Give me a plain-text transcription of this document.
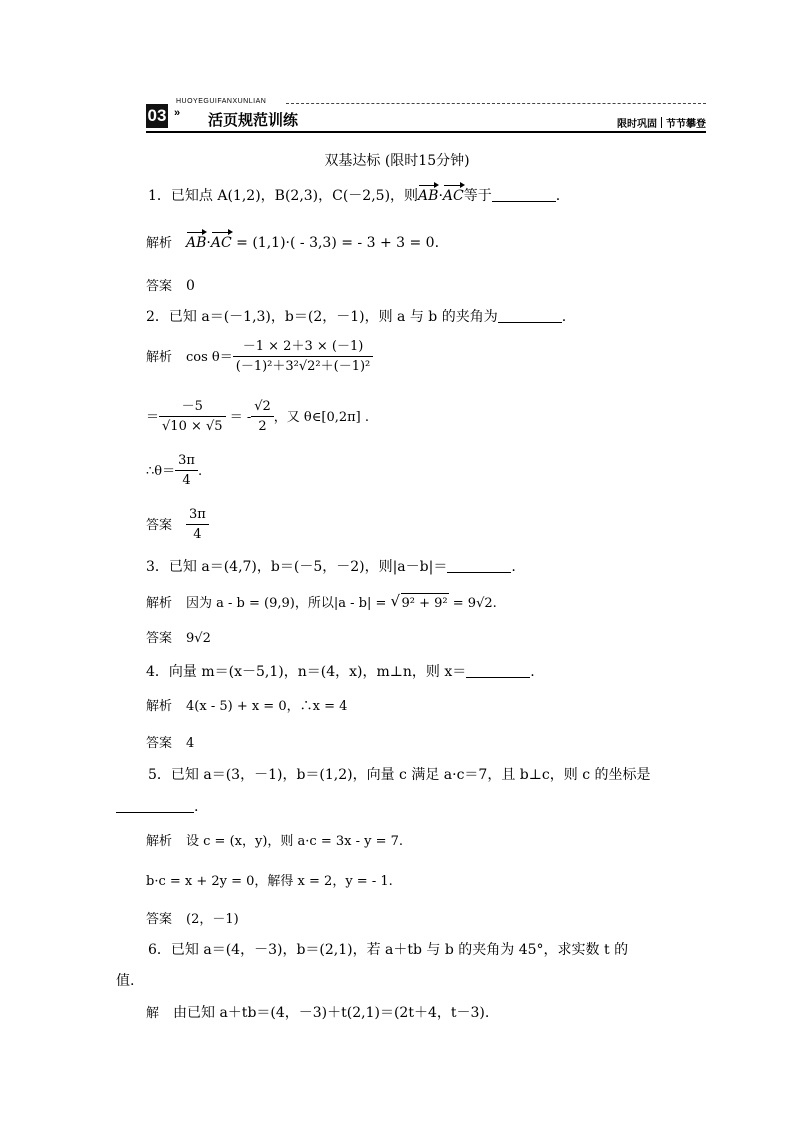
03
HUOYEGUIFANXUNLIAN
» 活页规范训练	限时巩固 节节攀登
双基达标 (限时15分钟)
1．已知点 A(1,2)，B(2,3)，C(－2,5)，则AB·AC等于	.
解析 AB·AC = (1,1)·( - 3,3) = - 3 + 3 = 0.
答案 0
2．已知 a＝(－1,3)，b＝(2，－1)，则 a 与 b 的夹角为	.
解析 $\cos \theta= \frac{-1 \times 2+3 \times (-1)}{\text{(－1)²＋3²√2²＋(－1)²}}$
＝ $\frac{-5}{√10 \times √5}$ ＝ - $\frac{√2}{2}$ ，又 θ∈[0,2π] .
∴θ＝ $\frac{3\pi}{4}$ .
答案 $\frac{3\pi}{4}$
3．已知 a＝(4,7)，b＝(－5，－2)，则|a－b|＝	.
解析 因为 a - b = (9,9)，所以|a - b| = √ 9² + 9² = 9√2.
答案 9√2
4．向量 m＝(x－5,1)，n＝(4，x)，m⊥n，则 x＝	.
解析 4(x - 5) + x = 0，∴x = 4
答案 4
5．已知 a＝(3，－1)，b＝(1,2)，向量 c 满足 a·c＝7，且 b⊥c，则 c 的坐标是
.
解析 设 c = (x，y)，则 a·c = 3x - y = 7.
b·c = x + 2y = 0，解得 x = 2，y = - 1.
答案 (2，－1)
6．已知 a＝(4，－3)，b＝(2,1)，若 a＋tb 与 b 的夹角为 45°，求实数 t 的
值.
解 由已知 a＋tb＝(4，－3)＋t(2,1)＝(2t＋4，t－3).
